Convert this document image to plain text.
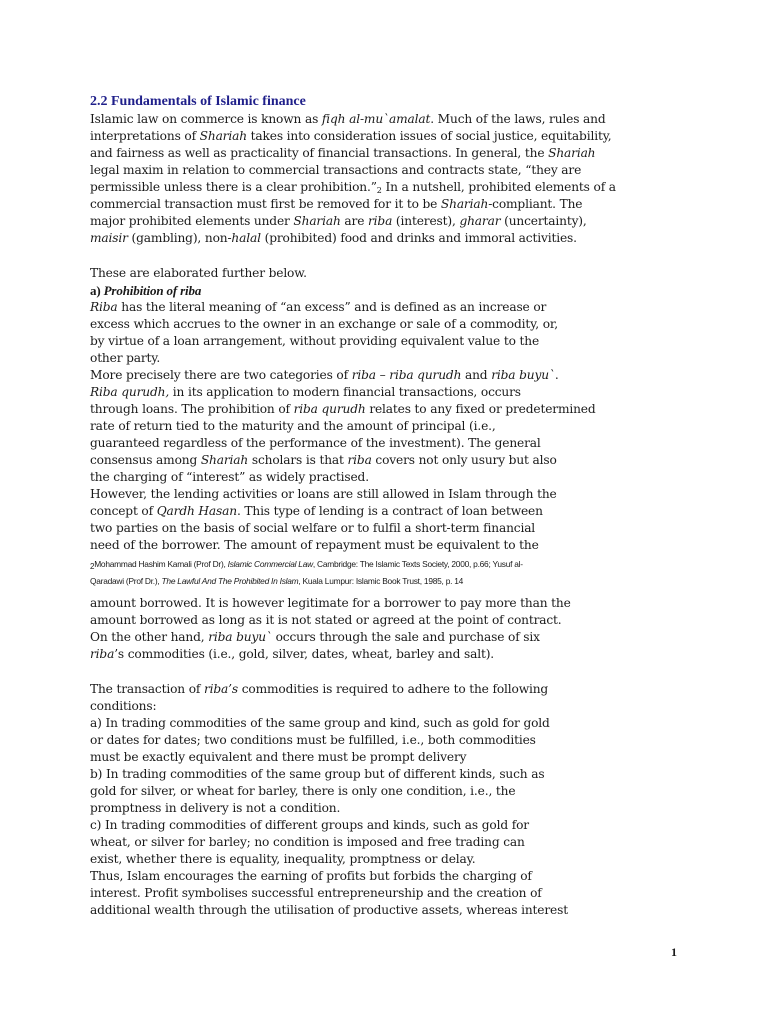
2.2 Fundamentals of Islamic finance
Islamic law on commerce is known as fiqh al-mu`amalat. Much of the laws, rules and
interpretations of Shariah takes into consideration issues of social justice, equitability,
and fairness as well as practicality of financial transactions. In general, the Shariah
legal maxim in relation to commercial transactions and contracts state, “they are
permissible unless there is a clear prohibition.”$^2$ In a nutshell, prohibited elements of a
commercial transaction must first be removed for it to be Shariah-compliant. The
major prohibited elements under Shariah are riba (interest), gharar (uncertainty),
maisir (gambling), non-halal (prohibited) food and drinks and immoral activities.
These are elaborated further below.
a) Prohibition of riba
Riba has the literal meaning of “an excess” and is defined as an increase or
excess which accrues to the owner in an exchange or sale of a commodity, or,
by virtue of a loan arrangement, without providing equivalent value to the
other party.
More precisely there are two categories of riba – riba qurudh and riba buyu`.
Riba qurudh, in its application to modern financial transactions, occurs
through loans. The prohibition of riba qurudh relates to any fixed or predetermined
rate of return tied to the maturity and the amount of principal (i.e.,
guaranteed regardless of the performance of the investment). The general
consensus among Shariah scholars is that riba covers not only usury but also
the charging of “interest” as widely practised.
However, the lending activities or loans are still allowed in Islam through the
concept of Qardh Hasan. This type of lending is a contract of loan between
two parties on the basis of social welfare or to fulfil a short-term financial
need of the borrower. The amount of repayment must be equivalent to the
$^2$Mohammad Hashim Kamali (Prof Dr), Islamic Commercial Law, Cambridge: The Islamic Texts Society, 2000, p.66; Yusuf al-
Qaradawi (Prof Dr.), The Lawful And The Prohibited In Islam, Kuala Lumpur: Islamic Book Trust, 1985, p. 14
amount borrowed. It is however legitimate for a borrower to pay more than the
amount borrowed as long as it is not stated or agreed at the point of contract.
On the other hand, riba buyu` occurs through the sale and purchase of six
riba’s commodities (i.e., gold, silver, dates, wheat, barley and salt).
The transaction of riba’s commodities is required to adhere to the following
conditions:
a) In trading commodities of the same group and kind, such as gold for gold
or dates for dates; two conditions must be fulfilled, i.e., both commodities
must be exactly equivalent and there must be prompt delivery
b) In trading commodities of the same group but of different kinds, such as
gold for silver, or wheat for barley, there is only one condition, i.e., the
promptness in delivery is not a condition.
c) In trading commodities of different groups and kinds, such as gold for
wheat, or silver for barley; no condition is imposed and free trading can
exist, whether there is equality, inequality, promptness or delay.
Thus, Islam encourages the earning of profits but forbids the charging of
interest. Profit symbolises successful entrepreneurship and the creation of
additional wealth through the utilisation of productive assets, whereas interest
1
